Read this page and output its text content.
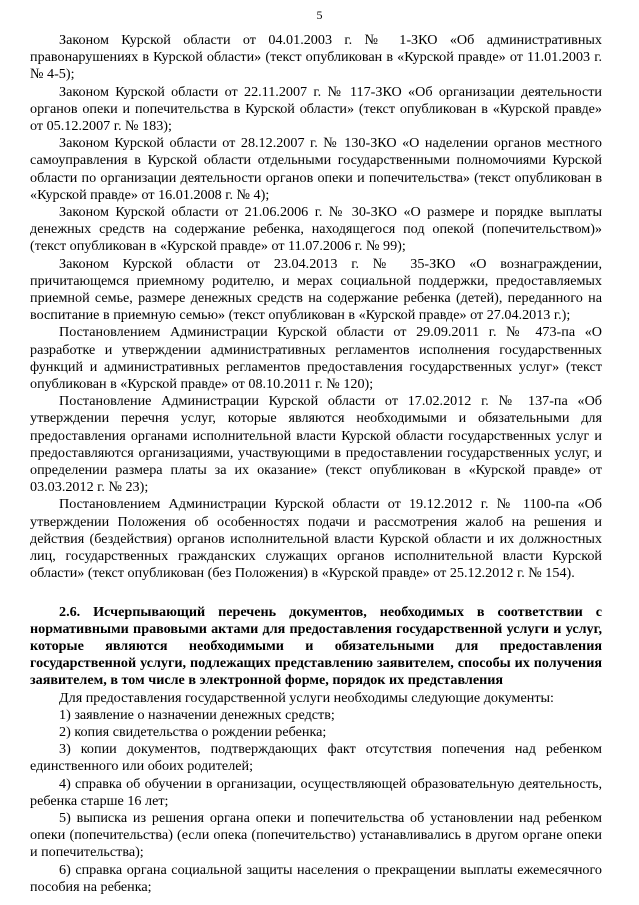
5

Законом Курской области от 04.01.2003 г. № 1-ЗКО «Об административных правонарушениях в Курской области» (текст опубликован в «Курской правде» от 11.01.2003 г. № 4-5);

Законом Курской области от 22.11.2007 г. № 117-ЗКО «Об организации деятельности органов опеки и попечительства в Курской области» (текст опубликован в «Курской правде» от 05.12.2007 г. № 183);

Законом Курской области от 28.12.2007 г. № 130-ЗКО «О наделении органов местного самоуправления в Курской области отдельными государственными полномочиями Курской области по организации деятельности органов опеки и попечительства» (текст опубликован в «Курской правде» от 16.01.2008 г. № 4);

Законом Курской области от 21.06.2006 г. № 30-ЗКО «О размере и порядке выплаты денежных средств на содержание ребенка, находящегося под опекой (попечительством)» (текст опубликован в «Курской правде» от 11.07.2006 г. № 99);

Законом Курской области от 23.04.2013 г. № 35-ЗКО «О вознаграждении, причитающемся приемному родителю, и мерах социальной поддержки, предоставляемых приемной семье, размере денежных средств на содержание ребенка (детей), переданного на воспитание в приемную семью» (текст опубликован в «Курской правде» от 27.04.2013 г.);

Постановлением Администрации Курской области от 29.09.2011 г. № 473-па «О разработке и утверждении административных регламентов исполнения государственных функций и административных регламентов предоставления государственных услуг» (текст опубликован в «Курской правде» от 08.10.2011 г. № 120);

Постановление Администрации Курской области от 17.02.2012 г. № 137-па «Об утверждении перечня услуг, которые являются необходимыми и обязательными для предоставления органами исполнительной власти Курской области государственных услуг и предоставляются организациями, участвующими в предоставлении государственных услуг, и определении размера платы за их оказание» (текст опубликован в «Курской правде» от 03.03.2012 г. № 23);

Постановлением Администрации Курской области от 19.12.2012 г. № 1100-па «Об утверждении Положения об особенностях подачи и рассмотрения жалоб на решения и действия (бездействия) органов исполнительной власти Курской области и их должностных лиц, государственных гражданских служащих органов исполнительной власти Курской области» (текст опубликован (без Положения) в «Курской правде» от 25.12.2012 г. № 154).

2.6. Исчерпывающий перечень документов, необходимых в соответствии с нормативными правовыми актами для предоставления государственной услуги и услуг, которые являются необходимыми и обязательными для предоставления государственной услуги, подлежащих представлению заявителем, способы их получения заявителем, в том числе в электронной форме, порядок их представления

Для предоставления государственной услуги необходимы следующие документы:

1) заявление о назначении денежных средств;

2) копия свидетельства о рождении ребенка;

3) копии документов, подтверждающих факт отсутствия попечения над ребенком единственного или обоих родителей;

4) справка об обучении в организации, осуществляющей образовательную деятельность, ребенка старше 16 лет;

5) выписка из решения органа опеки и попечительства об установлении над ребенком опеки (попечительства) (если опека (попечительство) устанавливались в другом органе опеки и попечительства);

6) справка органа социальной защиты населения о прекращении выплаты ежемесячного пособия на ребенка;
